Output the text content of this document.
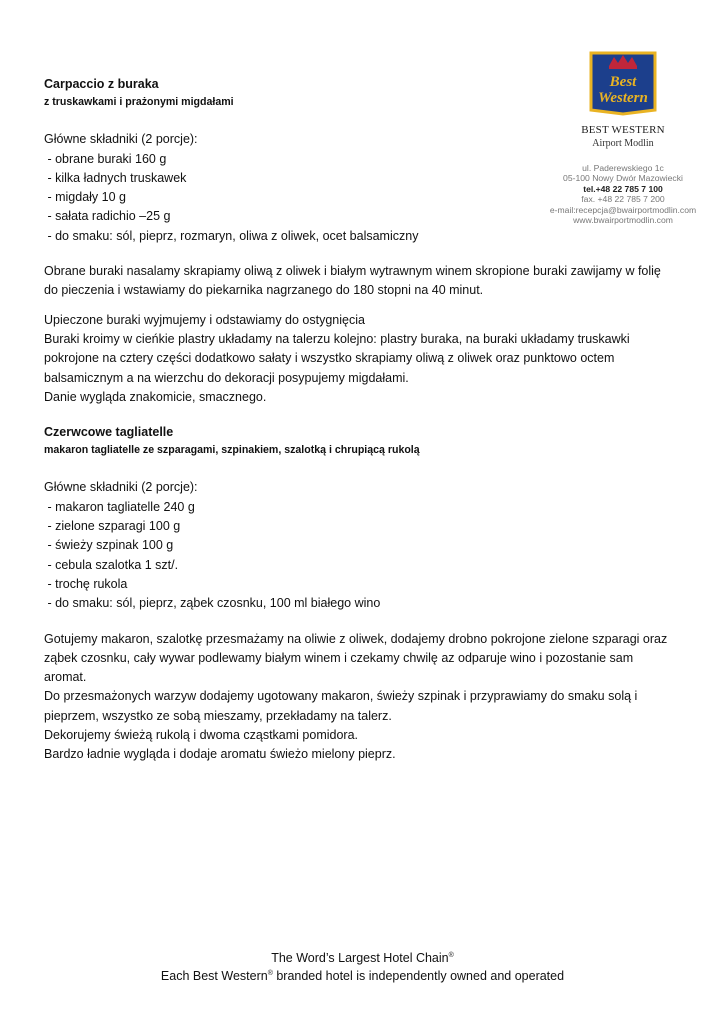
Best
Western
BEST WESTERN
Airport Modlin
ul. Paderewskiego 1c
05-100 Nowy Dwór Mazowiecki
tel.+48 22 785 7 100
fax. +48 22 785 7 200
e-mail:recepcja@bwairportmodlin.com
www.bwairportmodlin.com
Carpaccio z buraka
z truskawkami i prażonymi migdałami
Główne składniki (2 porcje):
- obrane buraki 160 g
- kilka ładnych truskawek
- migdały 10 g
- sałata radichio –25 g
- do smaku: sól, pieprz, rozmaryn, oliwa z oliwek, ocet balsamiczny

Obrane buraki nasalamy skrapiamy oliwą z oliwek i białym wytrawnym winem skropione buraki zawijamy w folię do pieczenia i wstawiamy do piekarnika nagrzanego do 180 stopni na 40 minut.

Upieczone buraki wyjmujemy i odstawiamy do ostygnięcia

Buraki kroimy w cieńkie plastry układamy na talerzu kolejno: plastry buraka, na buraki układamy truskawki pokrojone na cztery części dodatkowo sałaty i wszystko skrapiamy oliwą z oliwek oraz punktowo octem balsamicznym a na wierzchu do dekoracji posypujemy migdałami.

Danie wygląda znakomicie, smacznego.

Czerwcowe tagliatelle
makaron tagliatelle ze szparagami, szpinakiem, szalotką i chrupiącą rukolą
Główne składniki (2 porcje):
- makaron tagliatelle 240 g
- zielone szparagi 100 g
- świeży szpinak 100 g
- cebula szalotka 1 szt/.
- trochę rukola
- do smaku: sól, pieprz, ząbek czosnku, 100 ml białego wino

Gotujemy makaron, szalotkę przesmażamy na oliwie z oliwek, dodajemy drobno pokrojone zielone szparagi oraz ząbek czosnku, cały wywar podlewamy białym winem i czekamy chwilę az odparuje wino i pozostanie sam aromat.

Do przesmażonych warzyw dodajemy ugotowany makaron, świeży szpinak i przyprawiamy do smaku solą i pieprzem, wszystko ze sobą mieszamy, przekładamy na talerz.

Dekorujemy świeżą rukolą i dwoma cząstkami pomidora.

Bardzo ładnie wygląda i dodaje aromatu świeżo mielony pieprz.

The Word’s Largest Hotel Chain®
Each Best Western® branded hotel is independently owned and operated
